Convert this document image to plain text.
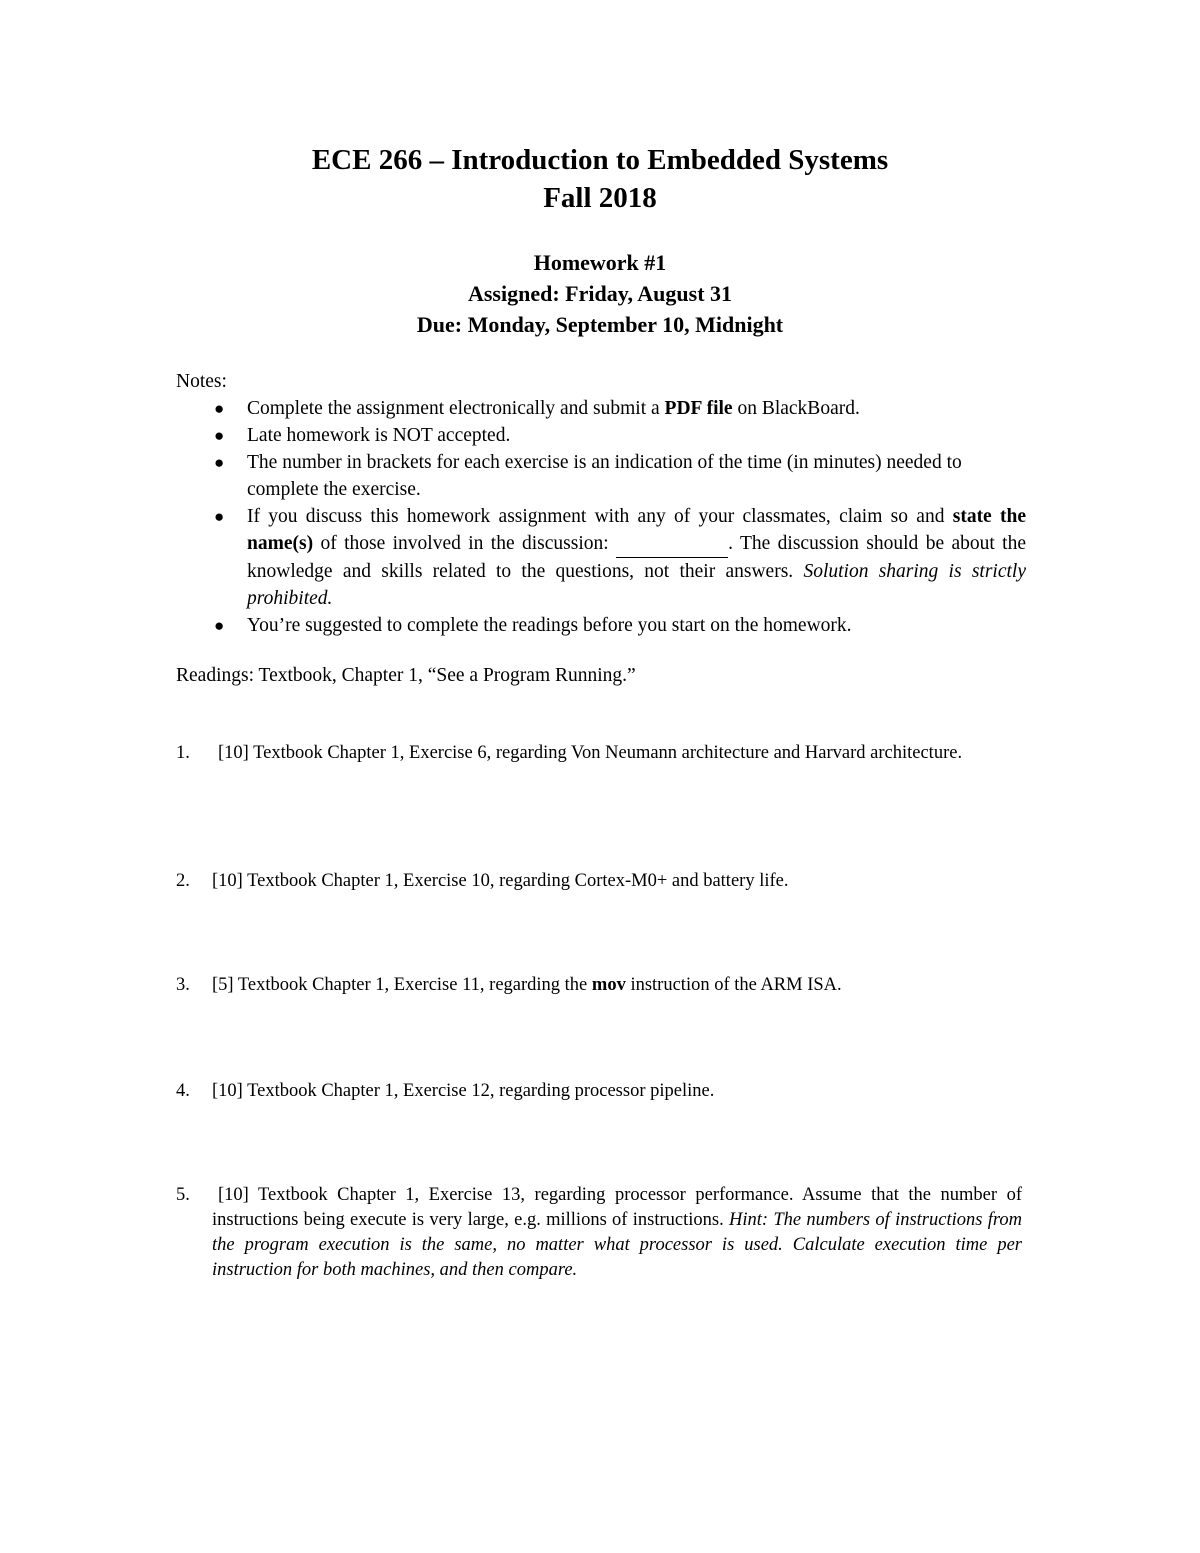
ECE 266 – Introduction to Embedded Systems
Fall 2018
Homework #1
Assigned: Friday, August 31
Due: Monday, September 10, Midnight
Notes:
● Complete the assignment electronically and submit a PDF file on BlackBoard.
● Late homework is NOT accepted.
● The number in brackets for each exercise is an indication of the time (in minutes) needed to complete the exercise.
● If you discuss this homework assignment with any of your classmates, claim so and state the name(s) of those involved in the discussion:	. The discussion should be about the knowledge and skills related to the questions, not their answers. Solution sharing is strictly prohibited.
● You’re suggested to complete the readings before you start on the homework.
Readings: Textbook, Chapter 1, “See a Program Running.”
1.	[10] Textbook Chapter 1, Exercise 6, regarding Von Neumann architecture and Harvard architecture.
2.	[10] Textbook Chapter 1, Exercise 10, regarding Cortex-M0+ and battery life.
3.	[5] Textbook Chapter 1, Exercise 11, regarding the mov instruction of the ARM ISA.
4.	[10] Textbook Chapter 1, Exercise 12, regarding processor pipeline.
5.	[10] Textbook Chapter 1, Exercise 13, regarding processor performance. Assume that the number of instructions being execute is very large, e.g. millions of instructions. Hint: The numbers of instructions from the program execution is the same, no matter what processor is used. Calculate execution time per instruction for both machines, and then compare.
